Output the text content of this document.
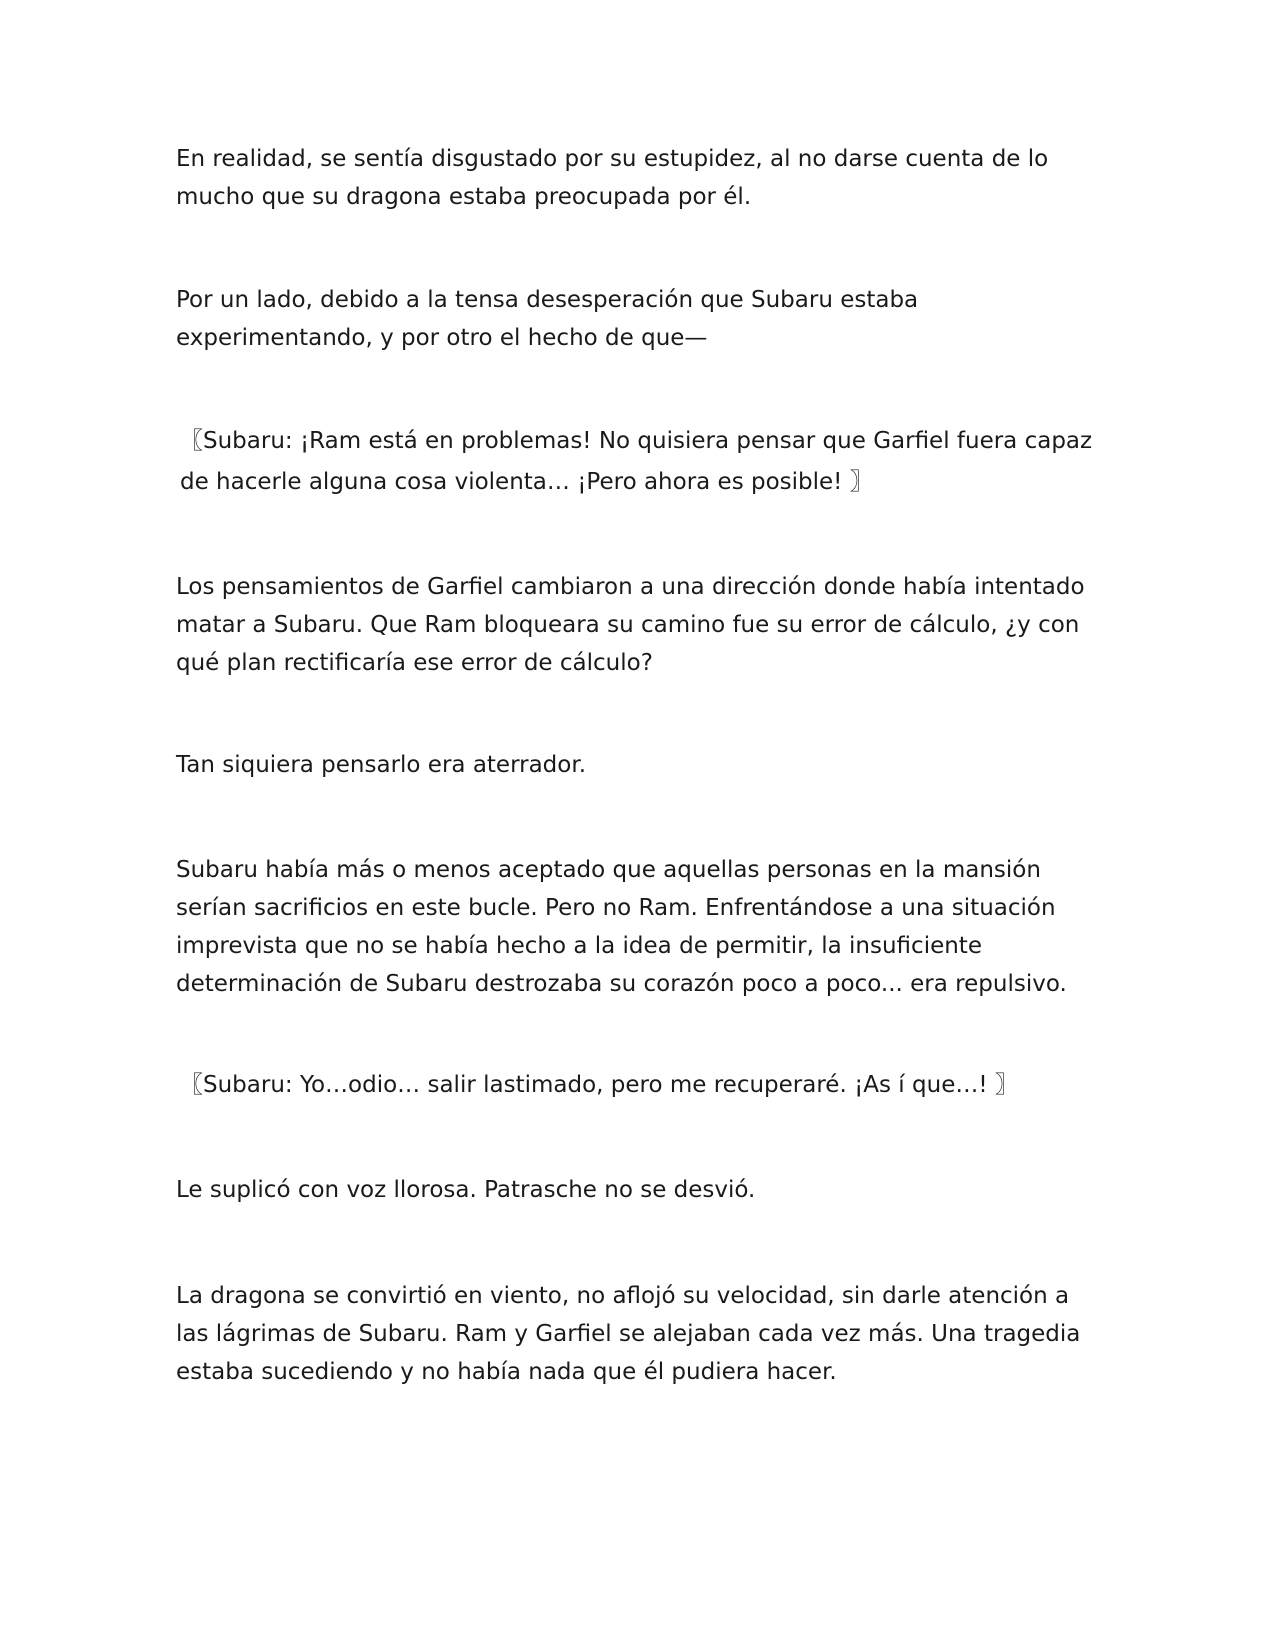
En realidad, se sentía disgustado por su estupidez, al no darse cuenta de lo mucho que su dragona estaba preocupada por él.

Por un lado, debido a la tensa desesperación que Subaru estaba experimentando, y por otro el hecho de que—

〖Subaru: ¡Ram está en problemas! No quisiera pensar que Garfiel fuera capaz de hacerle alguna cosa violenta… ¡Pero ahora es posible! 〗

Los pensamientos de Garfiel cambiaron a una dirección donde había intentado matar a Subaru. Que Ram bloqueara su camino fue su error de cálculo, ¿y con qué plan rectificaría ese error de cálculo?

Tan siquiera pensarlo era aterrador.

Subaru había más o menos aceptado que aquellas personas en la mansión serían sacrificios en este bucle. Pero no Ram. Enfrentándose a una situación imprevista que no se había hecho a la idea de permitir, la insuficiente determinación de Subaru destrozaba su corazón poco a poco... era repulsivo.

〖Subaru: Yo…odio… salir lastimado, pero me recuperaré. ¡As í que…! 〗

Le suplicó con voz llorosa. Patrasche no se desvió.

La dragona se convirtió en viento, no aflojó su velocidad, sin darle atención a las lágrimas de Subaru. Ram y Garfiel se alejaban cada vez más. Una tragedia estaba sucediendo y no había nada que él pudiera hacer.
